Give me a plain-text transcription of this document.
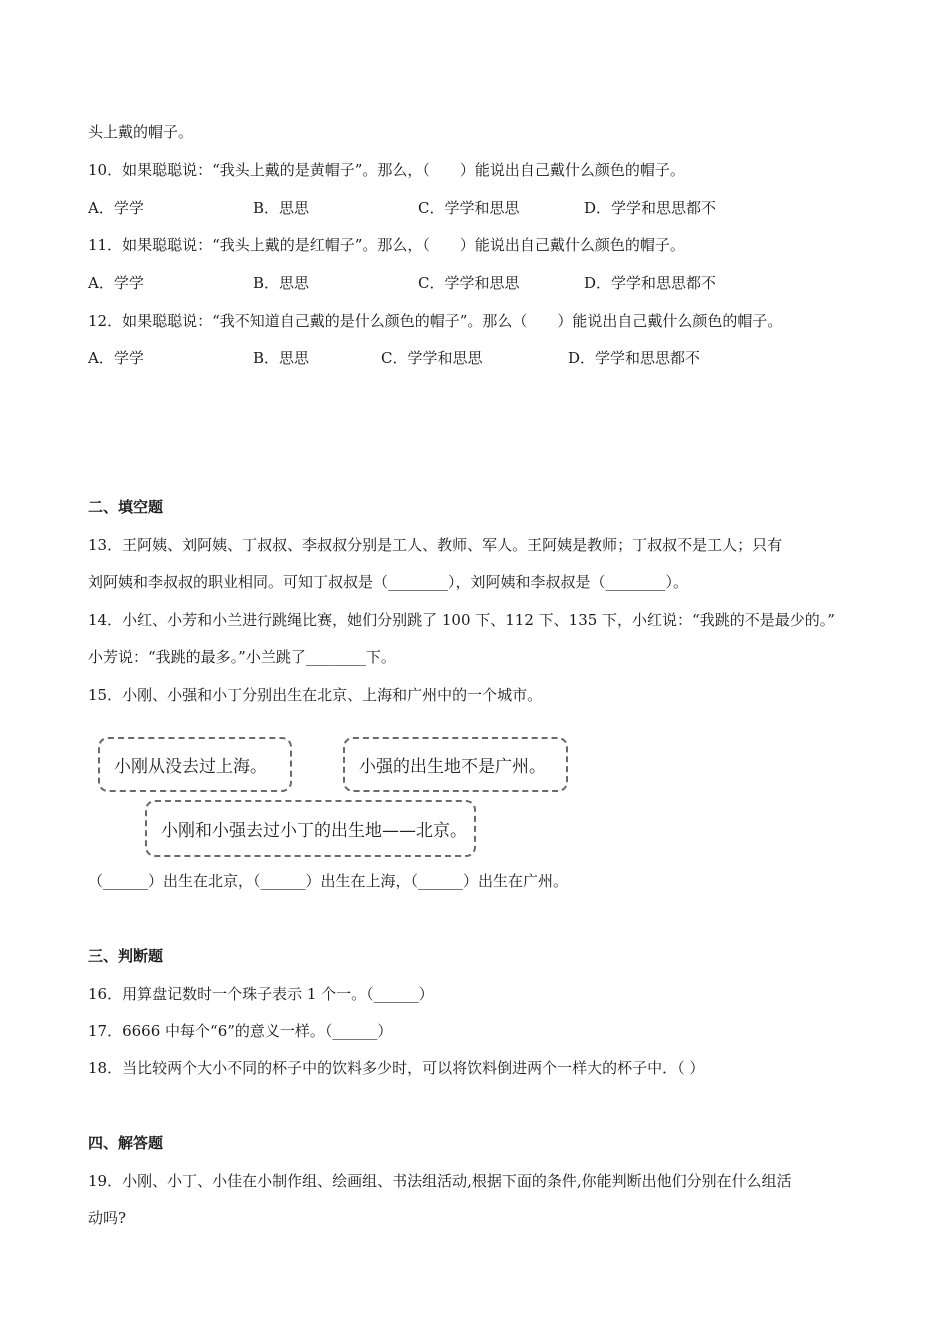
头上戴的帽子。
10．如果聪聪说：“我头上戴的是黄帽子”。那么，（　　）能说出自己戴什么颜色的帽子。
A．学学	B．思思	C．学学和思思	D．学学和思思都不
11．如果聪聪说：“我头上戴的是红帽子”。那么，（　　）能说出自己戴什么颜色的帽子。
A．学学	B．思思	C．学学和思思	D．学学和思思都不
12．如果聪聪说：“我不知道自己戴的是什么颜色的帽子”。那么（　　）能说出自己戴什么颜色的帽子。
A．学学	B．思思	C．学学和思思	D．学学和思思都不
二、填空题
13．王阿姨、刘阿姨、丁叔叔、李叔叔分别是工人、教师、军人。王阿姨是教师；丁叔叔不是工人；只有
刘阿姨和李叔叔的职业相同。可知丁叔叔是（________），刘阿姨和李叔叔是（________）。
14．小红、小芳和小兰进行跳绳比赛，她们分别跳了 100 下、112 下、135 下，小红说：“我跳的不是最少的。”
小芳说：“我跳的最多。”小兰跳了________下。
15．小刚、小强和小丁分别出生在北京、上海和广州中的一个城市。
小刚从没去过上海。	小强的出生地不是广州。
小刚和小强去过小丁的出生地——北京。
（______）出生在北京，（______）出生在上海，（______）出生在广州。
三、判断题
16．用算盘记数时一个珠子表示 1 个一。（______）
17．6666 中每个“6”的意义一样。（______）
18．当比较两个大小不同的杯子中的饮料多少时，可以将饮料倒进两个一样大的杯子中．（ ）
四、解答题
19．小刚、小丁、小佳在小制作组、绘画组、书法组活动,根据下面的条件,你能判断出他们分别在什么组活
动吗?
